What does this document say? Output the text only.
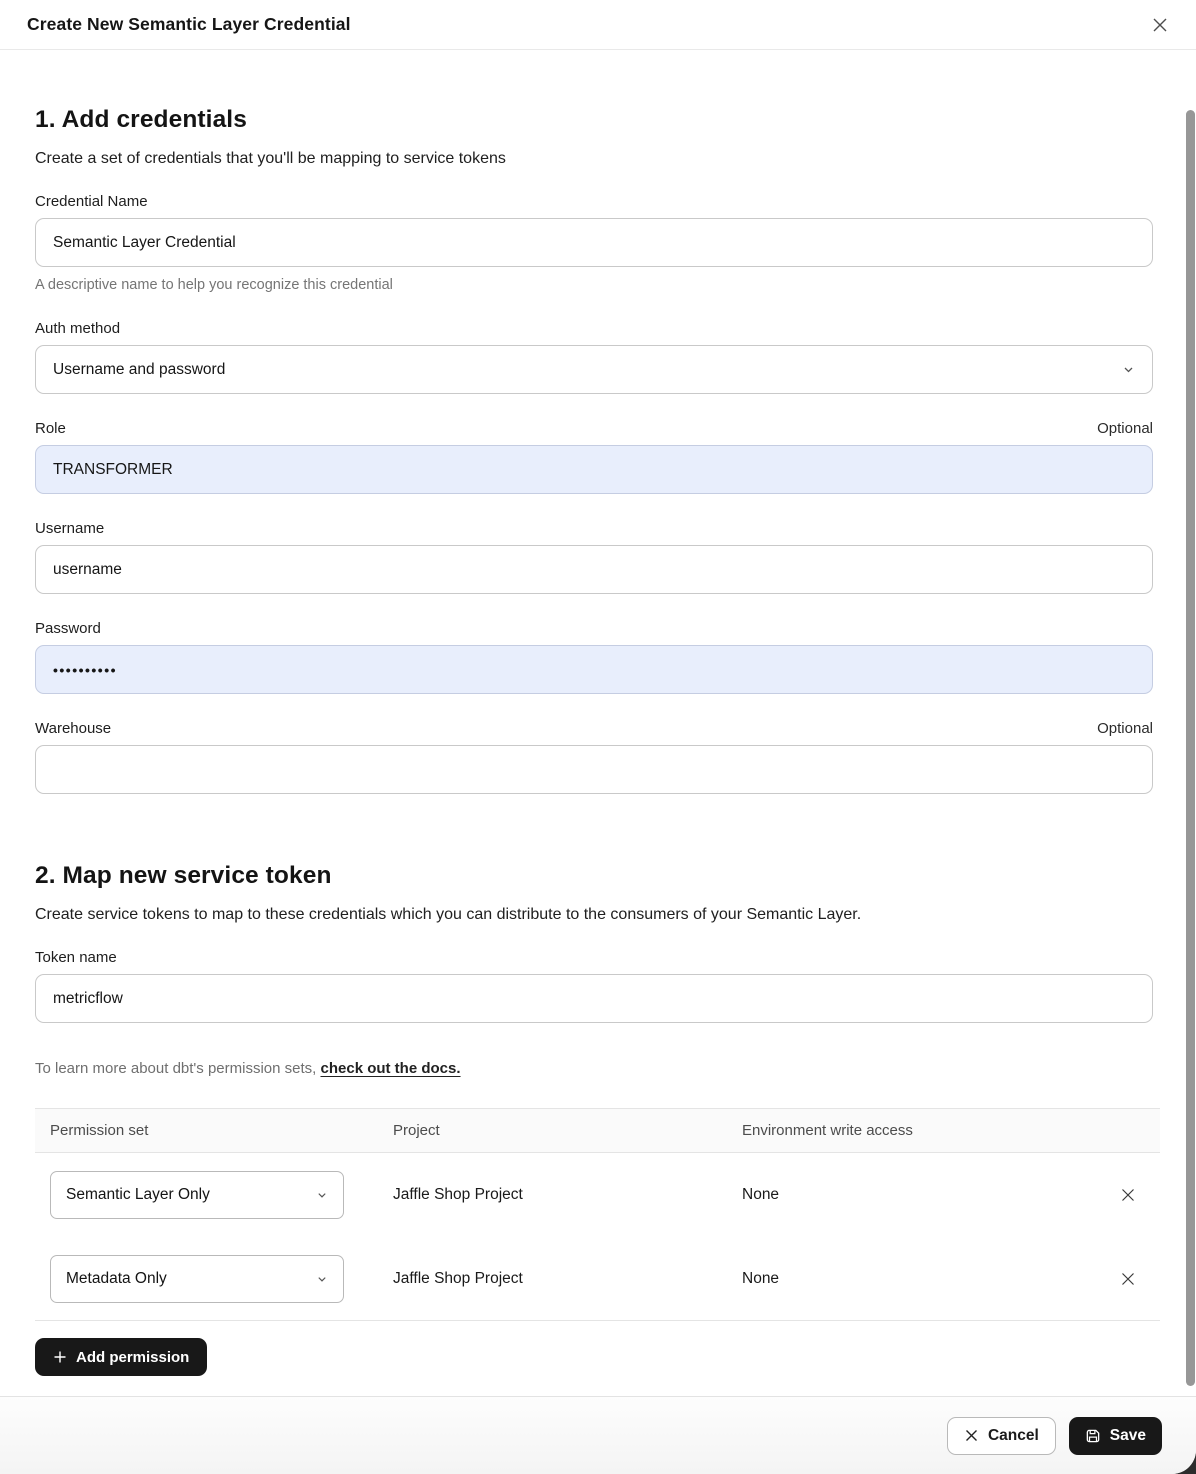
Create New Semantic Layer Credential
1. Add credentials

Create a set of credentials that you'll be mapping to service tokens

Credential Name
Semantic Layer Credential
A descriptive name to help you recognize this credential
Auth method
Username and password
Role	Optional
TRANSFORMER
Username
username
Password
••••••••••
Warehouse	Optional
2. Map new service token

Create service tokens to map to these credentials which you can distribute to the consumers of your Semantic Layer.

Token name
metricflow
To learn more about dbt's permission sets, check out the docs.
Permission set	Project	Environment write access
Semantic Layer Only	Jaffle Shop Project	None
Metadata Only	Jaffle Shop Project	None
Add permission
Cancel	Save
